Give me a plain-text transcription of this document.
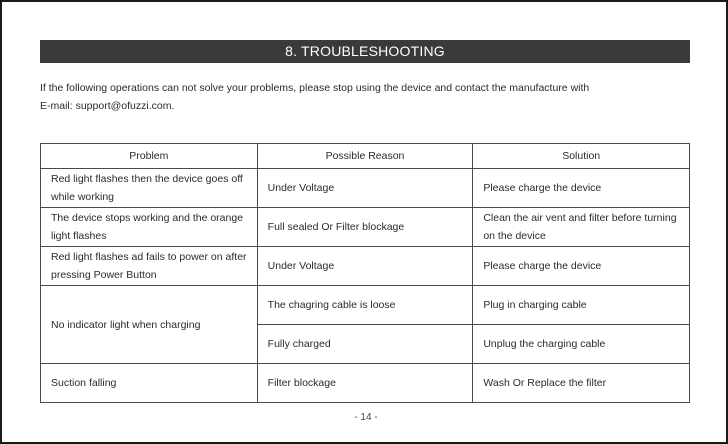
8. TROUBLESHOOTING
If the following operations can not solve your problems, please stop using the device and contact the manufacture with
E-mail: support@ofuzzi.com.
Problem	Possible Reason	Solution
Red light flashes then the device goes off while working	Under Voltage	Please charge the device
The device stops working and the orange light flashes	Full sealed Or Filter blockage	Clean the air vent and filter before turning on the device
Red light flashes ad fails to power on after pressing Power Button	Under Voltage	Please charge the device
No indicator light when charging	The chagring cable is loose	Plug in charging cable
	Fully charged	Unplug the charging cable
Suction falling	Filter blockage	Wash Or Replace the filter
- 14 -
